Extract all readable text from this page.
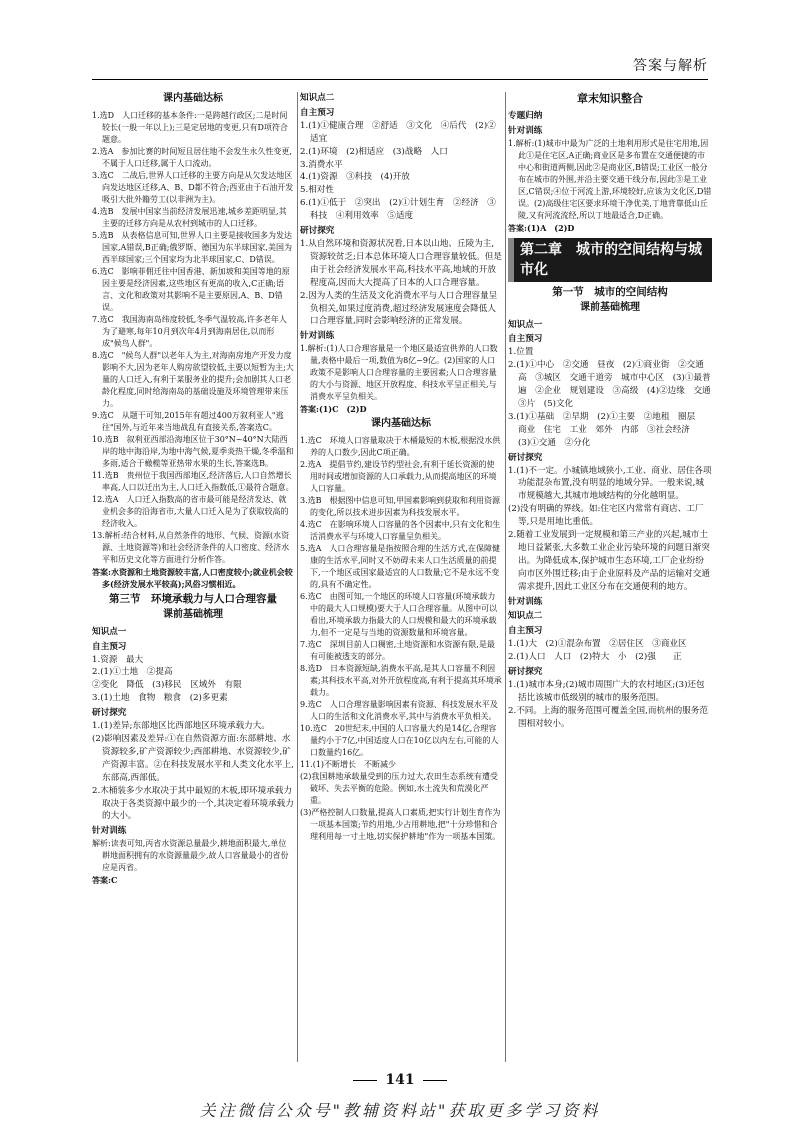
答案与解析
课内基础达标
1.选D　人口迁移的基本条件:一是跨越行政区;二是时间较长(一般一年以上);三是定居地的变更,只有D项符合题意。
2.选A　参加比赛的时间短且居住地不会发生永久性变更,不属于人口迁移,属于人口流动。
3.选C　二战后,世界人口迁移的主要方向是从欠发达地区向发达地区迁移,A、B、D都不符合;西亚由于石油开发吸引大批外籍劳工(以非洲为主)。
4.选B　发展中国家当前经济发展迅速,城乡差距明显,其主要的迁移方向是从农村到城市的人口迁移。
5.选B　从表格信息可知,世界人口主要是接收国多为发达国家,A错误,B正确;俄罗斯、德国为东半球国家,美国为西半球国家;三个国家均为北半球国家,C、D错误。
6.选C　影响菲佣迁往中国香港、新加坡和美国等地的原因主要是经济因素,这些地区有更高的收入,C正确;语言、文化和政策对其影响不是主要原因,A、B、D错误。
7.选C　我国海南岛纬度较低,冬季气温较高,许多老年人为了避寒,每年10月到次年4月到海南居住,以而形成"候鸟人群"。
8.选C　"候鸟人群"以老年人为主,对海南房地产开发力度影响不大,因为老年人购房欲望较低,主要以短暂为主;大量的人口迁入,有利于某服务业的提升;会加剧其人口老龄化程度,同时给海南岛的基础设施及环境管理带来压力。
9.选C　从题干可知,2015年有超过400万叙利亚人"逃往"国外,与近年来当地战乱有直接关系,答案选C。
10.选B　叙利亚西部沿海地区位于30°N~40°N大陆西岸的地中海沿岸,为地中海气候,夏季炎热干燥,冬季温和多雨,适合于橄榄等亚热带水果的生长,答案选B。
11.选B　贵州位于我国西部地区,经济落后,人口自然增长率高,人口以迁出为主,人口迁入指数低,①最符合题意。
12.选A　人口迁入指数高的省市最可能是经济发达、就业机会多的沿海省市,大量人口迁入是为了获取较高的经济收入。
13.解析:结合材料,从自然条件的地形、气候、资源(水资源、土地资源等)和社会经济条件的人口密度、经济水平和历史文化等方面进行分析作答。
答案:水资源和土地资源较丰富,人口密度较小;就业机会较多(经济发展水平较高);风俗习惯相近。
第三节　环境承载力与人口合理容量
课前基础梳理
知识点一
自主预习
1.资源　最大
2.(1)①土地　②提高
②变化　降低　(3)移民　区域外　有限
3.(1)土地　食物　粮食　(2)多更素
研讨探究
1.(1)差异;东部地区比西部地区环境承载力大。
(2)影响因素及差异:①在自然资源方面:东部耕地、水资源较多,矿产资源较少;西部耕地、水资源较少,矿产资源丰富。②在科技发展水平和人类文化水平上,东部高,西部低。
2.木桶装多少水取决于其中最短的木板,即环境承载力取决于各类资源中最少的一个,其决定着环境承载力的大小。
针对训练
解析:读表可知,丙省水资源总量最少,耕地面积最大,单位耕地面积拥有的水资源量最少,故人口容量最小的省份应是丙省。
答案:C
知识点二
自主预习
1.(1)①健康合理　②舒适　③文化　④后代　(2)②适宜
2.(1)环境　(2)相适应　(3)战略　人口
3.消费水平
4.(1)资源　③科技　(4)开放
5.相对性
6.(1)①低于　②突出　(2)①计划生育　②经济　③科技　④利用效率　⑤适度
研讨探究
1.从自然环境和资源状况看,日本以山地、丘陵为主,资源较贫乏;日本总体环境人口合理容量较低。但是由于社会经济发展水平高,科技水平高,地域的开放程度高,因而大大提高了日本的人口合理容量。
2.因为人类的生活及文化消费水平与人口合理容量呈负相关,如果过度消费,超过经济发展速度会降低人口合理容量,同时会影响经济的正常发展。
针对训练
1.解析:(1)人口合理容量是一个地区最适宜供养的人口数量,表格中最后一项,数值为8亿~9亿。(2)国家的人口政策不是影响人口合理容量的主要因素;人口合理容量的大小与资源、地区开放程度、科技水平呈正相关,与消费水平呈负相关。
答案:(1)C　(2)D
课内基础达标
1.选C　环境人口容量取决于木桶最短的木板,根据没水供养的人口数少,因此C项正确。
2.选A　提倡节约,建设节约型社会,有利于延长资源的使用时间或增加资源的人口承载力,从而提高地区的环境人口容量。
3.选B　根据图中信息可知,甲国素影响到获取和利用资源的变化,所以技术进步因素为科技发展水平。
4.选C　在影响环境人口容量的各个因素中,只有文化和生活消费水平与环境人口容量呈负相关。
5.选A　人口合理容量是指按照合理的生活方式,在保障健康的生活水平,同时又不妨碍未来人口生活质量的前提下,一个地区或国家最适宜的人口数量;它不是永远不变的,具有不确定性。
6.选C　由图可知,一个地区的环境人口容量(环境承载力中的最大人口规模)要大于人口合理容量。从图中可以看出,环境承载力指最大的人口规模和最大的环境承载力,但不一定是与当地的资源数量和环境容量。
7.选C　深圳目前人口稠密,土地资源和水资源有限,是最有可能被透支的部分。
8.选D　日本资源短缺,消费水平高,是其人口容量不利因素;其科技水平高,对外开放程度高,有利于提高其环境承载力。
9.选C　人口合理容量影响因素有资源、科技发展水平及人口的生活和文化消费水平,其中与消费水平负相关。
10.选C　20世纪末,中国的人口容量大约是14亿,合理容量约小于7亿,中国适度人口在10亿以内左右,可能的人口数量约16亿。
11.(1)不断增长　不断减少
(2)我国耕地承载量受到的压力过大,农田生态系统有遭受破坏、失去平衡的危险。例如,水土流失和荒漠化严重。
(3)严格控制人口数量,提高人口素质,把实行计划生育作为一项基本国策;节约用地,少占用耕地,把"十分珍惜和合理利用每一寸土地,切实保护耕地"作为一项基本国策。
章末知识整合
专题归纳
针对训练
1.解析:(1)城市中最为广泛的土地利用形式是住宅用地,因此①是住宅区,A正确;商业区是多布置在交通便捷的市中心和街道两侧,因此②是商业区,B错误;工业区一般分布在城市的外围,并沿主要交通干线分布,因此③是工业区,C错误;④位于河流上游,环境较好,应该为文化区,D错误。(2)高级住宅区要求环境干净优美,丁地背靠低山丘陵,又有河流流经,所以丁地最适合,D正确。
答案:(1)A　(2)D
第二章　城市的空间结构与城市化
第一节　城市的空间结构
课前基础梳理
知识点一
自主预习
1.位置
2.(1)①中心　②交通　昼夜　(2)①商业街　②交通　高　③城区　交通干道旁　城市中心区　(3)①最普遍　②企业　规划建设　③高级　(4)②边缘　交通　③片　(5)文化
3.(1)①基础　②早期　(2)①主要　②地租　圈层　商业　住宅　工业　郊外　内部　③社会经济　(3)①交通　②分化
研讨探究
1.(1)不一定。小城镇地域狭小,工业、商业、居住各项功能混杂布置,没有明显的地域分异。一般来说,城市规模越大,其城市地域结构的分化越明显。
(2)没有明确的界线。如:住宅区内常常有商店、工厂等,只是用地比重低。
2.随着工业发展到一定规模和第三产业的兴起,城市土地日益紧张,大多数工业企业污染环境的问题日渐突出。为降低成本,保护城市生态环境,工厂企业纷纷向市区外围迁移;由于企业原料及产品的运输对交通需求提升,因此工业区分布在交通便利的地方。
针对训练
知识点二
自主预习
1.(1)大　(2)①混杂布置　②居住区　③商业区
2.(1)人口　人口　(2)特大　小　(2)强　　正
研讨探究
1.(1)城市本身;(2)城市周围广大的农村地区;(3)还包括比该城市低级别的城市的服务范围。
2.不同。上海的服务范围可覆盖全国,而杭州的服务范围相对较小。
141
关注微信公众号"教辅资料站"获取更多学习资料
